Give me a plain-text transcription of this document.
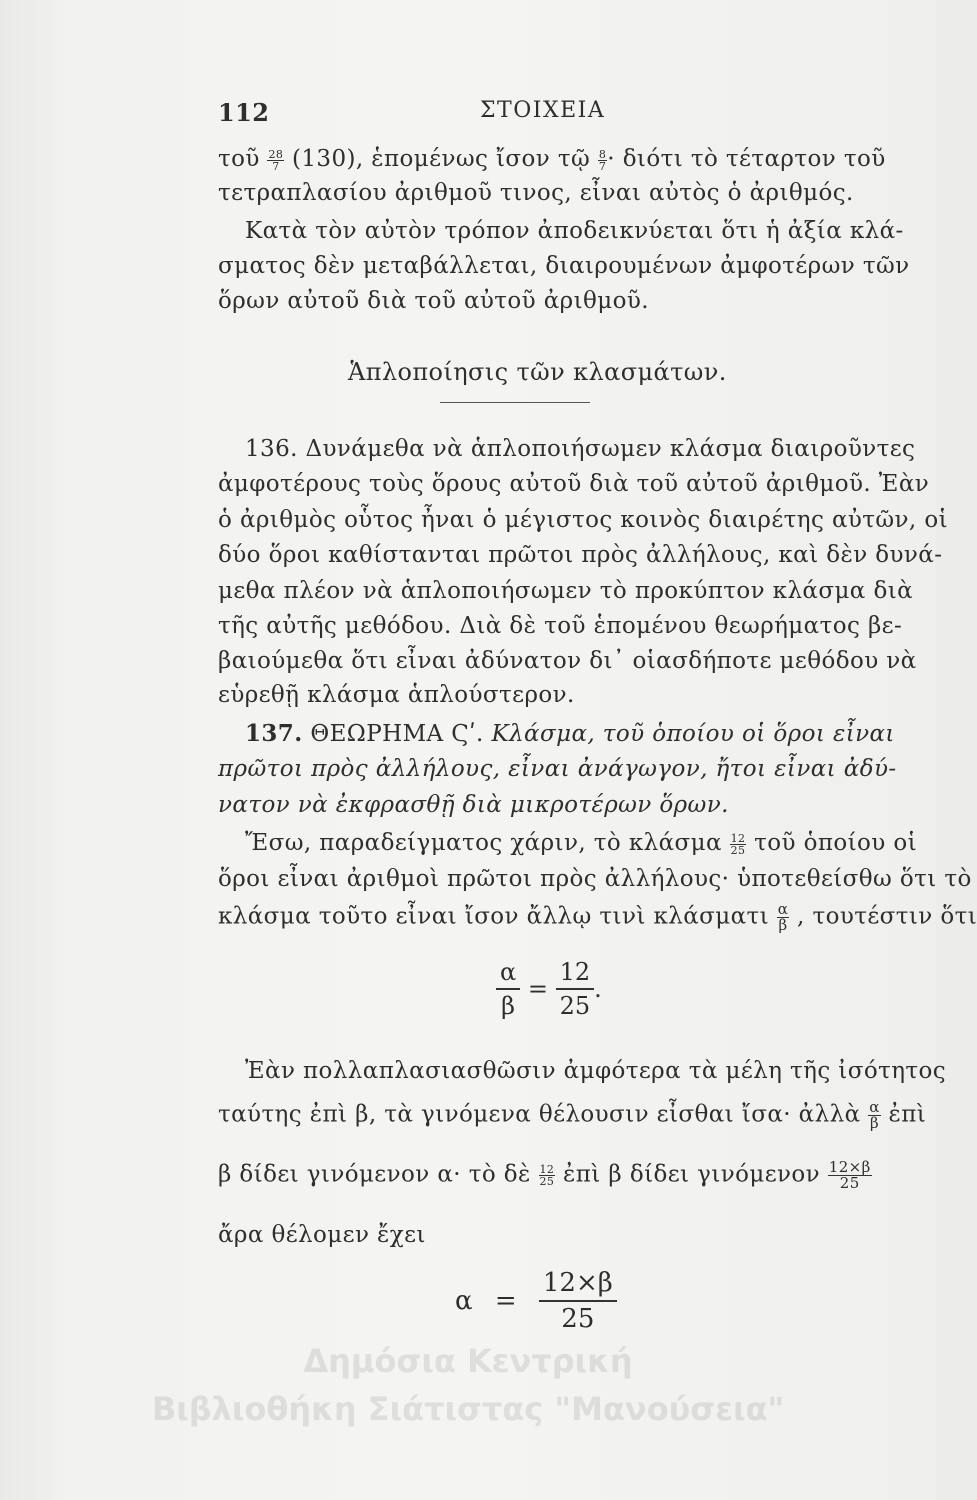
112	ΣΤΟΙΧΕΙΑ
τοῦ $\frac{28}{7} (130)$, ἑπομένως ἴσον τῷ $\frac{8}{7} \cdot \delta\iota ό\tau\iota$ τὸ τέταρτον τοῦ
τετραπλασίου ἀριθμοῦ τινος, εἶναι αὐτὸς ὁ ἀριθμός.
Κατὰ τὸν αὐτὸν τρόπον ἀποδεικνύεται ὅτι ἡ ἀξία κλά-
σματος δὲν μεταβάλλεται, διαιρουμένων ἀμφοτέρων τῶν
ὅρων αὐτοῦ διὰ τοῦ αὐτοῦ ἀριθμοῦ.
Ἁπλοποίησις τῶν κλασμάτων.
136. Δυνάμεθα νὰ ἁπλοποιήσωμεν κλάσμα διαιροῦντες
ἀμφοτέρους τοὺς ὅρους αὐτοῦ διὰ τοῦ αὐτοῦ ἀριθμοῦ. Ἐὰν
ὁ ἀριθμὸς οὗτος ἦναι ὁ μέγιστος κοινὸς διαιρέτης αὐτῶν, οἱ
δύο ὅροι καθίστανται πρῶτοι πρὸς ἀλλήλους, καὶ δὲν δυνά-
μεθα πλέον νὰ ἁπλοποιήσωμεν τὸ προκύπτον κλάσμα διὰ
τῆς αὐτῆς μεθόδου. Διὰ δὲ τοῦ ἑπομένου θεωρήματος βε-
βαιούμεθα ὅτι εἶναι ἀδύνατον δι᾽ οἱασδήποτε μεθόδου νὰ
εὑρεθῇ κλάσμα ἁπλούστερον.
137. ΘΕΩΡΗΜΑ Ϛʹ. Κλάσμα, τοῦ ὁποίου οἱ ὅροι εἶναι
πρῶτοι πρὸς ἀλλήλους, εἶναι ἀνάγωγον, ἤτοι εἶναι ἀδύ-
νατον νὰ ἐκφρασθῇ διὰ μικροτέρων ὅρων.
Ἔσω, παραδείγματος χάριν, τὸ κλάσμα $\frac{12}{25}$ τοῦ ὁποίου οἱ
ὅροι εἶναι ἀριθμοὶ πρῶτοι πρὸς ἀλλήλους· ὑποτεθείσθω ὅτι τὸ
κλάσμα τοῦτο εἶναι ἴσον ἄλλῳ τινὶ κλάσματι $\frac{\alpha}{\beta}$ , τουτέστιν ὅτι
$\frac{\alpha}{\beta} = \frac{12}{25}$ .
Ἐὰν πολλαπλασιασθῶσιν ἀμφότερα τὰ μέλη τῆς ἰσότητος
ταύτης ἐπὶ β, τὰ γινόμενα θέλουσιν εἶσθαι ἴσα· ἀλλὰ $\frac{\alpha}{\beta}$ ἐπὶ
β δίδει γινόμενον α· τὸ δὲ $\frac{12}{25}$ ἐπὶ β δίδει γινόμενον $\frac{12\times\beta}{25}$
ἄρα θέλομεν ἔχει
$\alpha = \frac{12\times\beta}{25}$
Δημόσια Κεντρική
Βιβλιοθήκη Σιάτιστας "Μανούσεια"
